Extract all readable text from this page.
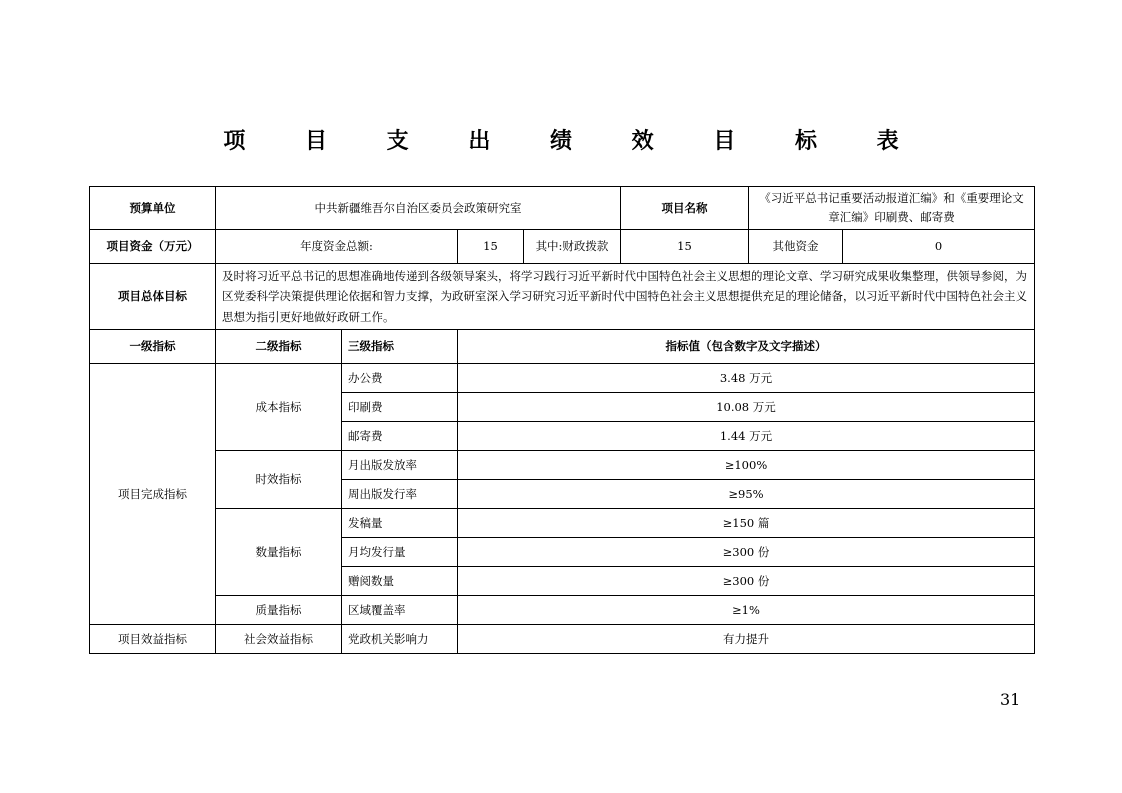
项 目 支 出 绩 效 目 标 表
预算单位	中共新疆维吾尔自治区委员会政策研究室				项目名称	《习近平总书记重要活动报道汇编》和《重要理论文章汇编》印刷费、邮寄费	
项目资金（万元）	年度资金总额:		15	其中:财政拨款	15	其他资金	0
项目总体目标	及时将习近平总书记的思想准确地传递到各级领导案头，将学习践行习近平新时代中国特色社会主义思想的理论文章、学习研究成果收集整理，供领导参阅，为区党委科学决策提供理论依据和智力支撑，为政研室深入学习研究习近平新时代中国特色社会主义思想提供充足的理论储备，以习近平新时代中国特色社会主义思想为指引更好地做好政研工作。						
一级指标	二级指标	三级指标	指标值（包含数字及文字描述）				
项目完成指标	成本指标	办公费	3.48 万元				
		印刷费	10.08 万元				
		邮寄费	1.44 万元				
	时效指标	月出版发放率	≥100%				
		周出版发行率	≥95%				
	数量指标	发稿量	≥150 篇				
		月均发行量	≥300 份				
		赠阅数量	≥300 份				
	质量指标	区域覆盖率	≥1%				
项目效益指标	社会效益指标	党政机关影响力	有力提升				
31
